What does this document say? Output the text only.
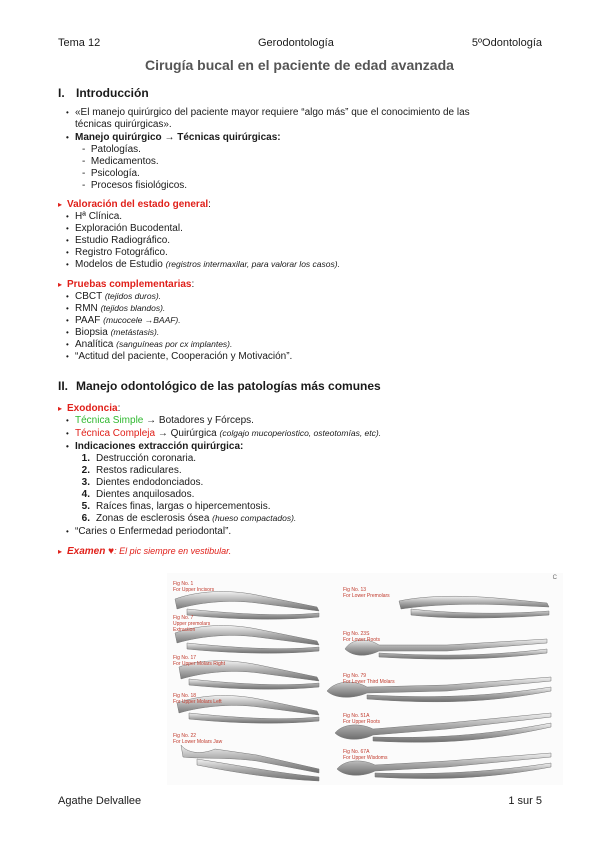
Tema 12	Gerodontología	5ºOdontología
Cirugía bucal en el paciente de edad avanzada
I. Introducción
• «El manejo quirúrgico del paciente mayor requiere “algo más” que el conocimiento de las
técnicas quirúrgicas».
• Manejo quirúrgico → Técnicas quirúrgicas:
-  Patologías.
-  Medicamentos.
-  Psicología.
-  Procesos fisiológicos.
▸ Valoración del estado general:
• Hª Clínica.
• Exploración Bucodental.
• Estudio Radiográfico.
• Registro Fotográfico.
• Modelos de Estudio (registros intermaxilar, para valorar los casos).
▸ Pruebas complementarias:
• CBCT (tejidos duros).
• RMN (tejidos blandos).
• PAAF (mucocele →BAAF).
• Biopsia (metástasis).
• Analítica (sanguíneas por cx implantes).
• “Actitud del paciente, Cooperación y Motivación”.
II. Manejo odontológico de las patologías más comunes
▸ Exodoncia:
• Técnica Simple → Botadores y Fórceps.
• Técnica Compleja → Quirúrgica (colgajo mucoperiostico, osteotomías, etc).
• Indicaciones extracción quirúrgica:
1. Destrucción coronaria.
2. Restos radiculares.
3. Dientes endodonciados.
4. Dientes anquilosados.
5. Raíces finas, largas o hipercementosis.
6. Zonas de esclerosis ósea (hueso compactados).
• “Caries o Enfermedad periodontal”.
▸ Examen ♥: El pic siempre en vestibular.
C
Fig No. 1
For Upper Incisors
Fig No. 7
Upper premolars
Extraction
Fig No. 17
For Upper Molars Right
Fig No. 18
For Upper Molars Left
Fig No. 22
For Lower Molars Jaw
Fig No. 13
For Lower Premolars
Fig No. 23S
For Lower Roots
Fig No. 79
For Lower Third Molars
Fig No. 51A
For Upper Roots
Fig No. 67A
For Upper Wisdoms
Agathe Delvallee	1 sur 5
